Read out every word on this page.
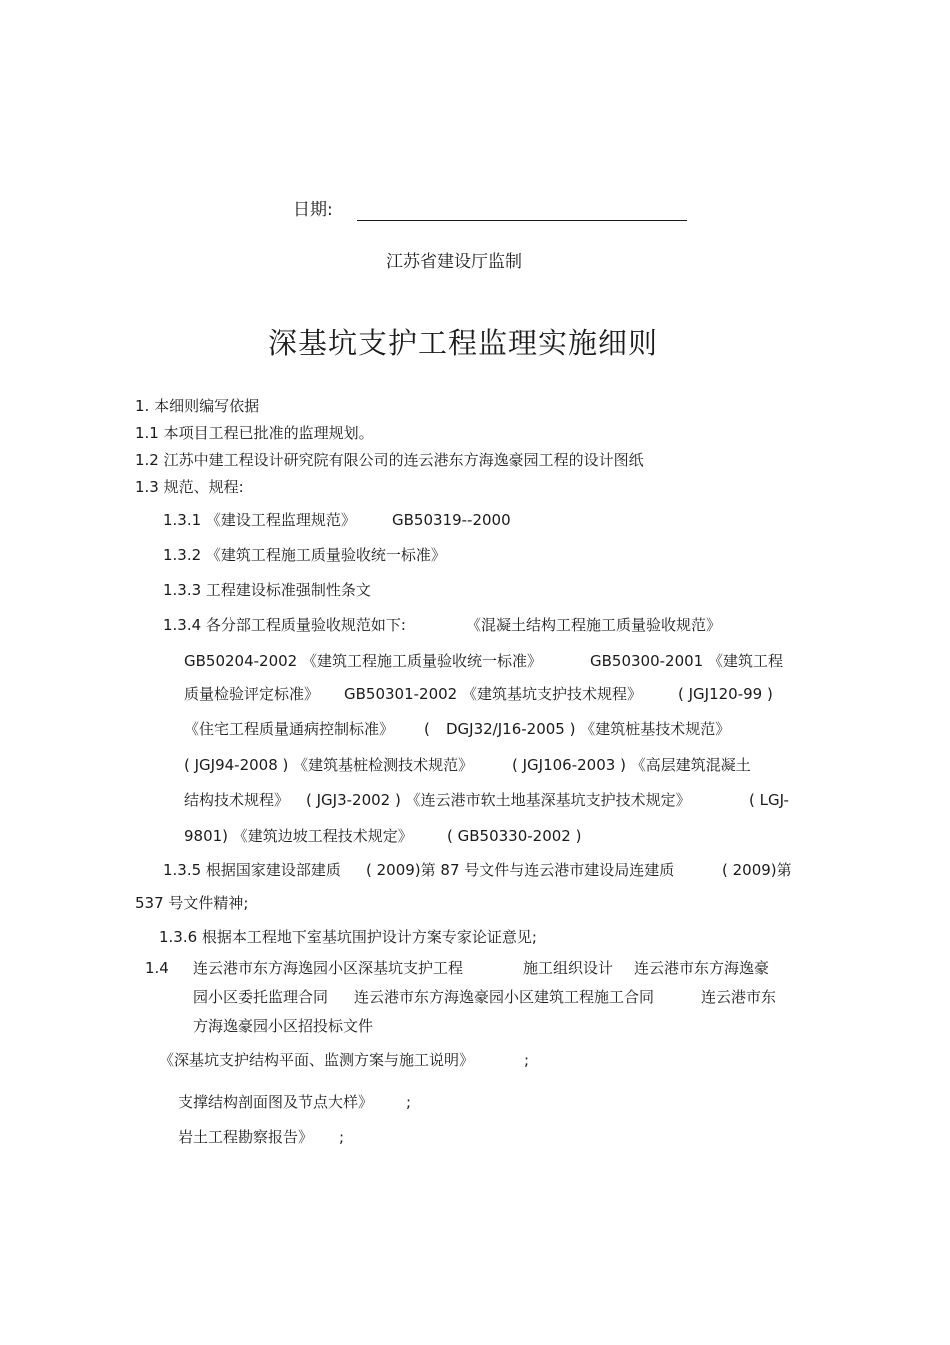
日期:
江苏省建设厅监制
深基坑支护工程监理实施细则
1. 本细则编写依据
1.1 本项目工程已批准的监理规划。
1.2 江苏中建工程设计研究院有限公司的连云港东方海逸豪园工程的设计图纸
1.3 规范、规程:
1.3.1 《建设工程监理规范》 GB50319--2000
1.3.2 《建筑工程施工质量验收统一标准》
1.3.3 工程建设标准强制性条文
1.3.4 各分部工程质量验收规范如下:	《混凝土结构工程施工质量验收规范》
GB50204-2002 《建筑工程施工质量验收统一标准》	GB50300-2001 《建筑工程
质量检验评定标准》 GB50301-2002 《建筑基坑支护技术规程》 ( JGJ120-99 )
《住宅工程质量通病控制标准》 ( DGJ32/J16-2005 ) 《建筑桩基技术规范》
( JGJ94-2008 ) 《建筑基桩检测技术规范》	( JGJ106-2003 ) 《高层建筑混凝土
结构技术规程》 ( JGJ3-2002 ) 《连云港市软土地基深基坑支护技术规定》	( LGJ-
9801) 《建筑边坡工程技术规定》 ( GB50330-2002 )
1.3.5 根据国家建设部建质 ( 2009)第 87 号文件与连云港市建设局连建质	( 2009)第
537 号文件精神;
1.3.6 根据本工程地下室基坑围护设计方案专家论证意见;
1.4 连云港市东方海逸园小区深基坑支护工程	施工组织设计 连云港市东方海逸豪
园小区委托监理合同 连云港市东方海逸豪园小区建筑工程施工合同	连云港市东
方海逸豪园小区招投标文件
《深基坑支护结构平面、监测方案与施工说明》	;
支撑结构剖面图及节点大样》 ;
岩土工程勘察报告》 ;
